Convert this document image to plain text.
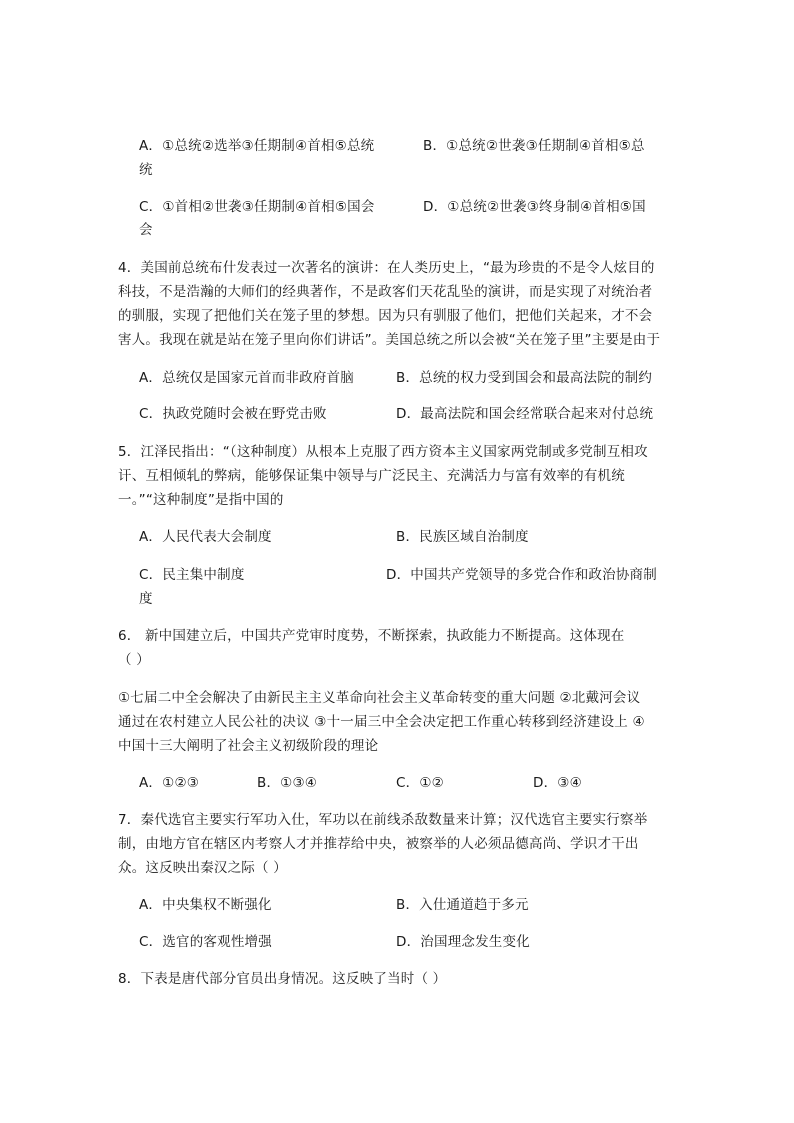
A．①总统②选举③任期制④首相⑤总统	B．①总统②世袭③任期制④首相⑤总
统
C．①首相②世袭③任期制④首相⑤国会	D．①总统②世袭③终身制④首相⑤国
会
4．美国前总统布什发表过一次著名的演讲：在人类历史上，“最为珍贵的不是令人炫目的
科技，不是浩瀚的大师们的经典著作，不是政客们天花乱坠的演讲，而是实现了对统治者
的驯服，实现了把他们关在笼子里的梦想。因为只有驯服了他们，把他们关起来，才不会
害人。我现在就是站在笼子里向你们讲话”。美国总统之所以会被“关在笼子里”主要是由于
A．总统仅是国家元首而非政府首脑	B．总统的权力受到国会和最高法院的制约
C．执政党随时会被在野党击败	D．最高法院和国会经常联合起来对付总统
5．江泽民指出：“（这种制度）从根本上克服了西方资本主义国家两党制或多党制互相攻
讦、互相倾轧的弊病，能够保证集中领导与广泛民主、充满活力与富有效率的有机统
一。”“这种制度”是指中国的
A．人民代表大会制度	B．民族区域自治制度
C．民主集中制度	D．中国共产党领导的多党合作和政治协商制
度
6． 新中国建立后，中国共产党审时度势，不断探索，执政能力不断提高。这体现在
（ ）
①七届二中全会解决了由新民主主义革命向社会主义革命转变的重大问题 ②北戴河会议
通过在农村建立人民公社的决议 ③十一届三中全会决定把工作重心转移到经济建设上 ④
中国十三大阐明了社会主义初级阶段的理论
A．①②③	B．①③④	C．①②	D．③④
7．秦代选官主要实行军功入仕，军功以在前线杀敌数量来计算；汉代选官主要实行察举
制，由地方官在辖区内考察人才并推荐给中央，被察举的人必须品德高尚、学识才干出
众。这反映出秦汉之际（ ）
A．中央集权不断强化	B．入仕通道趋于多元
C．选官的客观性增强	D．治国理念发生变化
8．下表是唐代部分官员出身情况。这反映了当时（ ）
